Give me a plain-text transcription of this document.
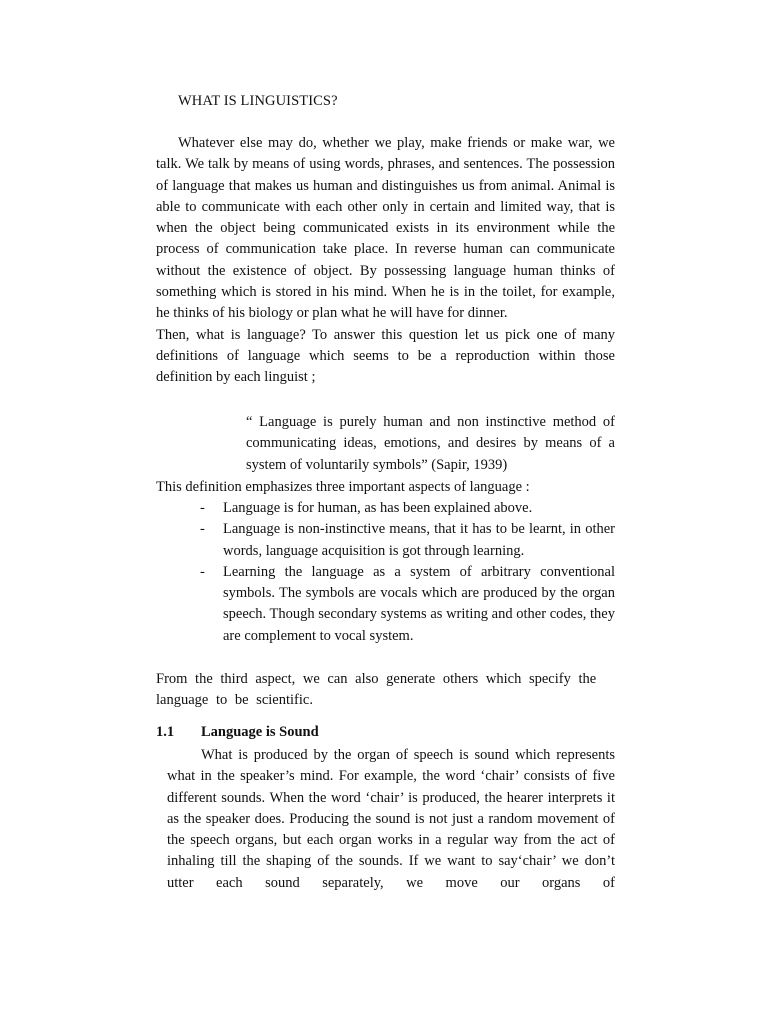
WHAT IS LINGUISTICS?
Whatever else may do, whether we play, make friends or make war, we talk. We talk by means of using words, phrases, and sentences. The possession of language that makes us human and distinguishes us from animal. Animal is able to communicate with each other only in certain and limited way, that is when the object being communicated exists in its environment while the process of communication take place. In reverse human can communicate without the existence of object. By possessing language human thinks of something which is stored in his mind. When he is in the toilet, for example, he thinks of his biology or plan what he will have for dinner.
Then, what is language? To answer this question let us pick one of many definitions of language which seems to be a reproduction within those definition by each linguist ;
“ Language is purely human and non instinctive method of communicating ideas, emotions, and desires by means of a system of voluntarily symbols” (Sapir, 1939)
This definition emphasizes three important aspects of language :
- Language is for human, as has been explained above.
- Language is non-instinctive means, that it has to be learnt, in other words, language acquisition is got through learning.
- Learning the language as a system of arbitrary conventional symbols. The symbols are vocals which are produced by the organ speech. Though secondary systems as writing and other codes, they are complement to vocal system.
From the third aspect, we can also generate others which specify the language to be scientific.
1.1 Language is Sound
What is produced by the organ of speech is sound which represents what in the speaker’s mind. For example, the word ‘chair’ consists of five different sounds. When the word ‘chair’ is produced, the hearer interprets it as the speaker does. Producing the sound is not just a random movement of the speech organs, but each organ works in a regular way from the act of inhaling till the shaping of the sounds. If we want to say‘chair’ we don’t utter each sound separately, we move our organs of
